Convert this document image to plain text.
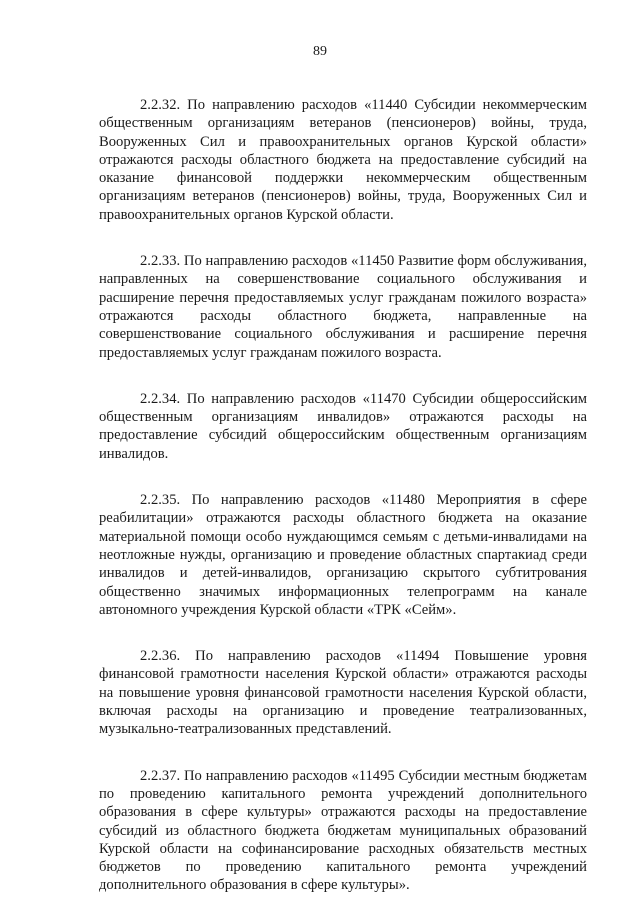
89

2.2.32. По направлению расходов «11440 Субсидии некоммерческим общественным организациям ветеранов (пенсионеров) войны, труда, Вооруженных Сил и правоохранительных органов Курской области» отражаются расходы областного бюджета на предоставление субсидий на оказание финансовой поддержки некоммерческим общественным организациям ветеранов (пенсионеров) войны, труда, Вооруженных Сил и правоохранительных органов Курской области.

2.2.33. По направлению расходов «11450 Развитие форм обслуживания, направленных на совершенствование социального обслуживания и расширение перечня предоставляемых услуг гражданам пожилого возраста» отражаются расходы областного бюджета, направленные на совершенствование социального обслуживания и расширение перечня предоставляемых услуг гражданам пожилого возраста.

2.2.34. По направлению расходов «11470 Субсидии общероссийским общественным организациям инвалидов» отражаются расходы на предоставление субсидий общероссийским общественным организациям инвалидов.

2.2.35. По направлению расходов «11480 Мероприятия в сфере реабилитации» отражаются расходы областного бюджета на оказание материальной помощи особо нуждающимся семьям с детьми-инвалидами на неотложные нужды, организацию и проведение областных спартакиад среди инвалидов и детей-инвалидов, организацию скрытого субтитрования общественно значимых информационных телепрограмм на канале автономного учреждения Курской области «ТРК «Сейм».

2.2.36. По направлению расходов «11494 Повышение уровня финансовой грамотности населения Курской области» отражаются расходы на повышение уровня финансовой грамотности населения Курской области, включая расходы на организацию и проведение театрализованных, музыкально-театрализованных представлений.

2.2.37. По направлению расходов «11495 Субсидии местным бюджетам по проведению капитального ремонта учреждений дополнительного образования в сфере культуры» отражаются расходы на предоставление субсидий из областного бюджета бюджетам муниципальных образований Курской области на софинансирование расходных обязательств местных бюджетов по проведению капитального ремонта учреждений дополнительного образования в сфере культуры».
